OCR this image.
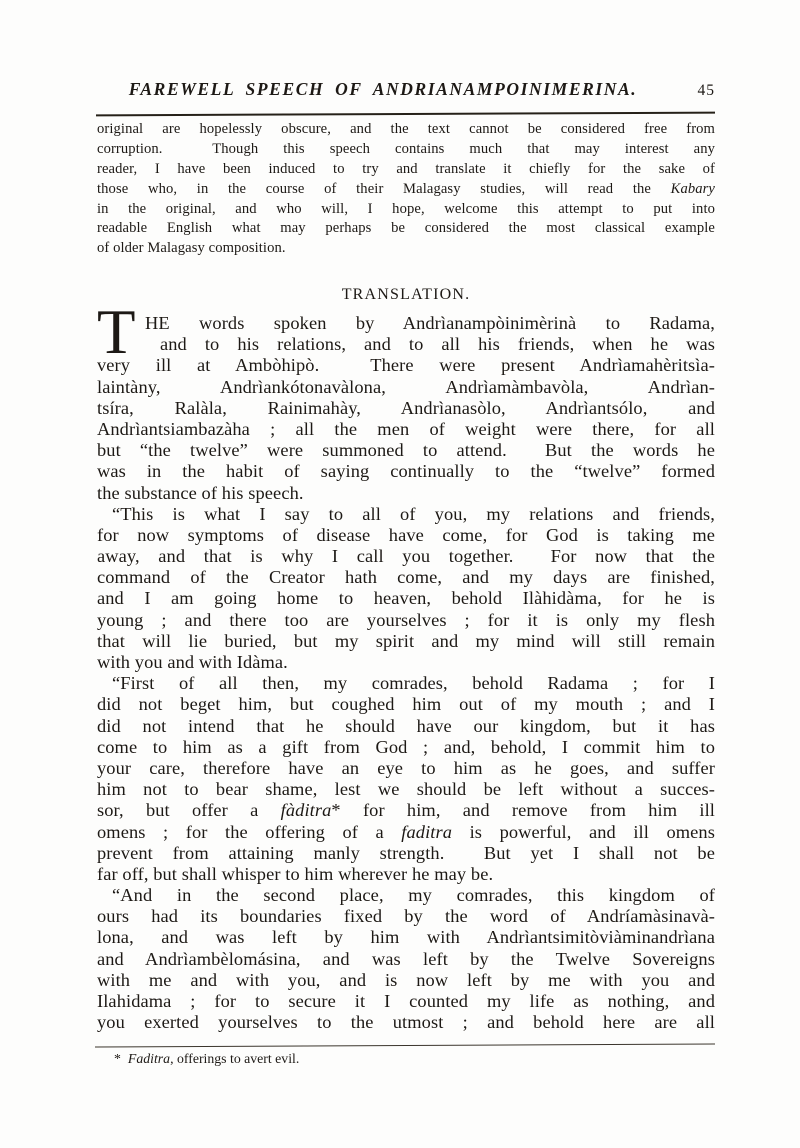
FAREWELL SPEECH OF ANDRIANAMPOINIMERINA.	45
original are hopelessly obscure, and the text cannot be considered free from
corruption.  Though this speech contains much that may interest any
reader, I have been induced to try and translate it chiefly for the sake of
those who, in the course of their Malagasy studies, will read the Kabary
in the original, and who will, I hope, welcome this attempt to put into
readable English what may perhaps be considered the most classical example
of older Malagasy composition.
TRANSLATION.
T HE words spoken by Andrìanampòinimèrinà to Radama,
and to his relations, and to all his friends, when he was
very ill at Ambòhipò.  There were present Andrìamahèritsìa-
laintàny, Andrìankótonavàlona, Andrìamàmbavòla, Andrìan-
tsíra, Ralàla, Rainimahày, Andrìanasòlo, Andrìantsólo, and
Andrìantsiambazàha ; all the men of weight were there, for all
but “the twelve” were summoned to attend.  But the words he
was in the habit of saying continually to the “twelve” formed
the substance of his speech.
“This is what I say to all of you, my relations and friends,
for now symptoms of disease have come, for God is taking me
away, and that is why I call you together.  For now that the
command of the Creator hath come, and my days are finished,
and I am going home to heaven, behold Ilàhidàma, for he is
young ; and there too are yourselves ; for it is only my flesh
that will lie buried, but my spirit and my mind will still remain
with you and with Idàma.
“First of all then, my comrades, behold Radama ; for I
did not beget him, but coughed him out of my mouth ; and I
did not intend that he should have our kingdom, but it has
come to him as a gift from God ; and, behold, I commit him to
your care, therefore have an eye to him as he goes, and suffer
him not to bear shame, lest we should be left without a succes-
sor, but offer a fàditra* for him, and remove from him ill
omens ; for the offering of a faditra is powerful, and ill omens
prevent from attaining manly strength.  But yet I shall not be
far off, but shall whisper to him wherever he may be.
“And in the second place, my comrades, this kingdom of
ours had its boundaries fixed by the word of Andríamàsinavà-
lona, and was left by him with Andrìantsimitòviàminandrìana
and Andrìambèlomásina, and was left by the Twelve Sovereigns
with me and with you, and is now left by me with you and
Ilahidama ; for to secure it I counted my life as nothing, and
you exerted yourselves to the utmost ; and behold here are all
* Faditra, offerings to avert evil.
